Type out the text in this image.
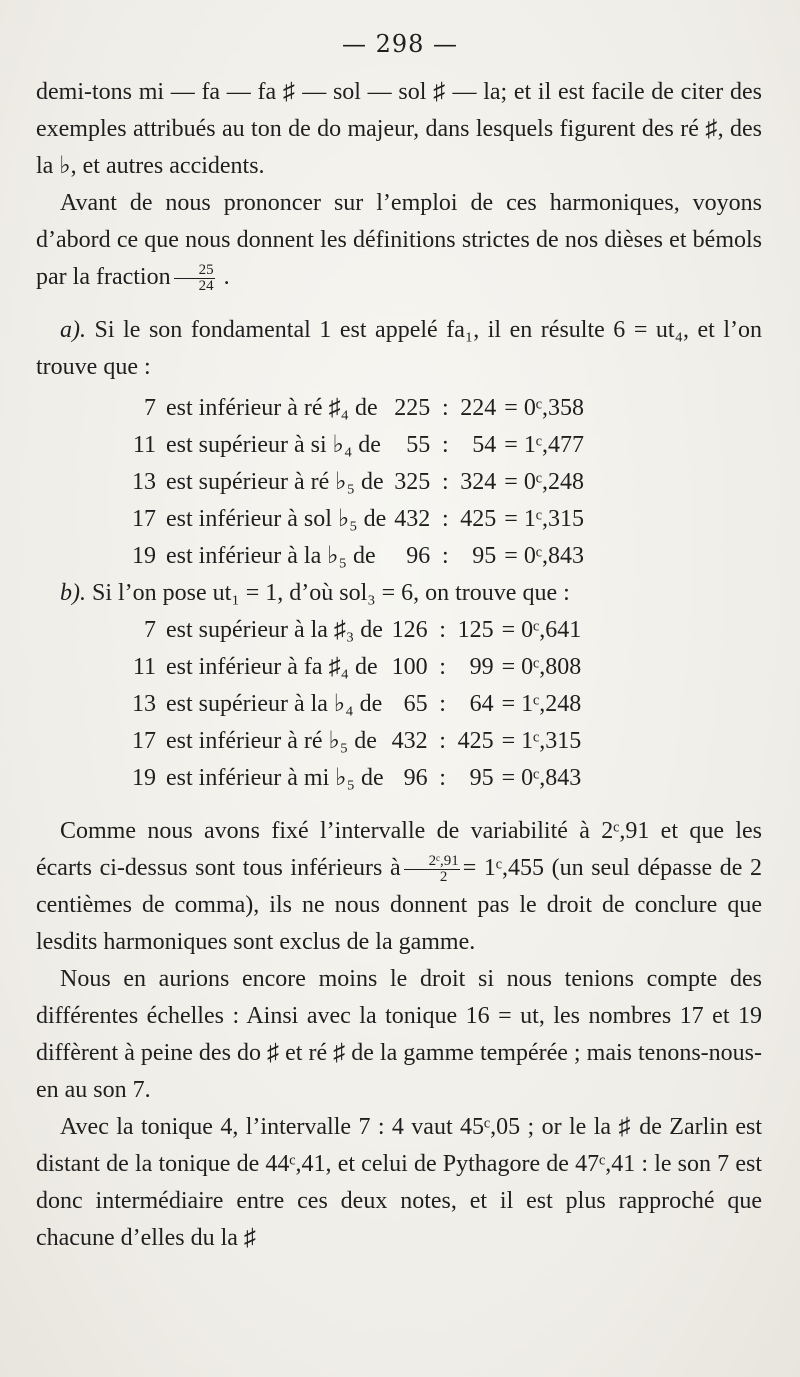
— 298 —

demi-tons mi — fa — fa ♯ — sol — sol ♯ — la; et il est facile de citer des exemples attribués au ton de do majeur, dans lesquels figurent des ré ♯, des la ♭, et autres accidents.

Avant de nous prononcer sur l’emploi de ces harmoniques, voyons d’abord ce que nous donnent les définitions strictes de nos dièses et bémols par la fraction $\frac{25}{24}$ .

a). Si le son fondamental 1 est appelé fa₁, il en résulte 6 = ut₄, et l’on trouve que :

7	est inférieur à ré ♯₄ de	225	:	224	= 0ᶜ,358
11	est supérieur à si ♭₄ de	55	:	54	= 1ᶜ,477
13	est supérieur à ré ♭₅ de	325	:	324	= 0ᶜ,248
17	est inférieur à sol ♭₅ de	432	:	425	= 1ᶜ,315
19	est inférieur à la ♭₅ de	96	:	95	= 0ᶜ,843

b). Si l’on pose ut₁ = 1, d’où sol₃ = 6, on trouve que :

7	est supérieur à la ♯₃ de	126	:	125	= 0ᶜ,641
11	est inférieur à fa ♯₄ de	100	:	99	= 0ᶜ,808
13	est supérieur à la ♭₄ de	65	:	64	= 1ᶜ,248
17	est inférieur à ré ♭₅ de	432	:	425	= 1ᶜ,315
19	est inférieur à mi ♭₅ de	96	:	95	= 0ᶜ,843

Comme nous avons fixé l’intervalle de variabilité à 2ᶜ,91 et que les écarts ci-dessus sont tous inférieurs à $\frac{\text{2ᶜ,91}}{2}$ = 1ᶜ,455 (un seul dépasse de 2 centièmes de comma), ils ne nous donnent pas le droit de conclure que lesdits harmoniques sont exclus de la gamme.

Nous en aurions encore moins le droit si nous tenions compte des différentes échelles : Ainsi avec la tonique 16 = ut, les nombres 17 et 19 diffèrent à peine des do ♯ et ré ♯ de la gamme tempérée ; mais tenons-nous-en au son 7.

Avec la tonique 4, l’intervalle 7 : 4 vaut 45ᶜ,05 ; or le la ♯ de Zarlin est distant de la tonique de 44ᶜ,41, et celui de Pythagore de 47ᶜ,41 : le son 7 est donc intermédiaire entre ces deux notes, et il est plus rapproché que chacune d’elles du la ♯
